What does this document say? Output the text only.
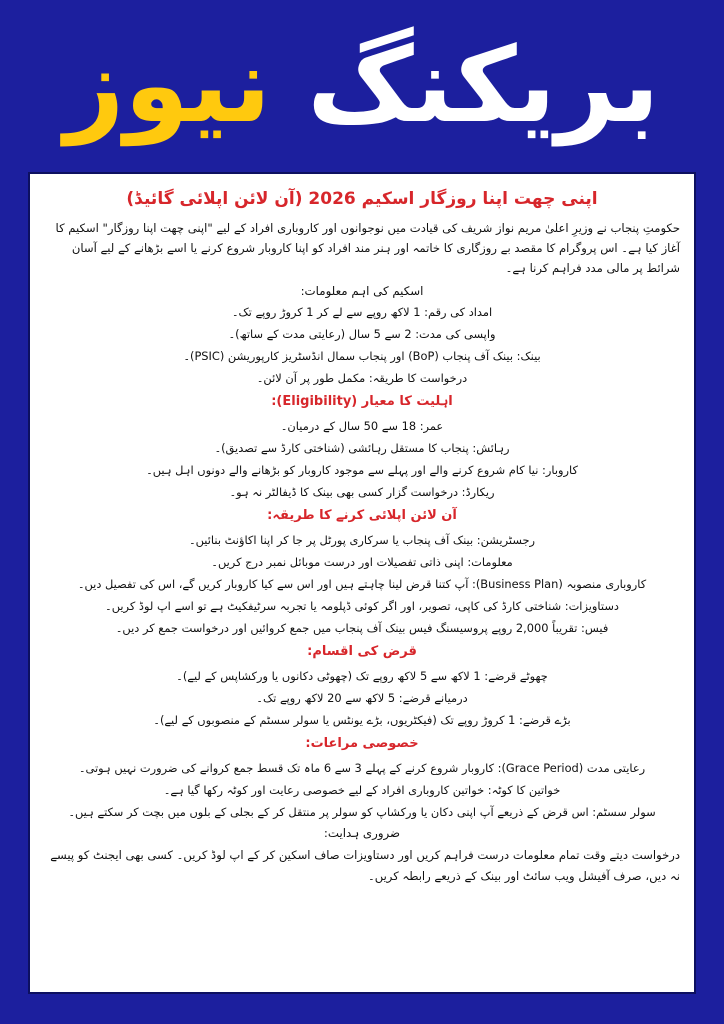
بریکنگ نیوز
اپنی چھت اپنا روزگار اسکیم 2026 (آن لائن اپلائی گائیڈ)

حکومتِ پنجاب نے وزیرِ اعلیٰ مریم نواز شریف کی قیادت میں نوجوانوں اور کاروباری افراد کے لیے "اپنی چھت اپنا روزگار" اسکیم کا آغاز کیا ہے۔ اس پروگرام کا مقصد بے روزگاری کا خاتمہ اور ہنر مند افراد کو اپنا کاروبار شروع کرنے یا اسے بڑھانے کے لیے آسان شرائط پر مالی مدد فراہم کرنا ہے۔

اسکیم کی اہم معلومات:

امداد کی رقم: 1 لاکھ روپے سے لے کر 1 کروڑ روپے تک۔

واپسی کی مدت: 2 سے 5 سال (رعایتی مدت کے ساتھ)۔

بینک: بینک آف پنجاب (BoP) اور پنجاب سمال انڈسٹریز کارپوریشن (PSIC)۔

درخواست کا طریقہ: مکمل طور پر آن لائن۔

اہلیت کا معیار (Eligibility):

عمر: 18 سے 50 سال کے درمیان۔

رہائش: پنجاب کا مستقل رہائشی (شناختی کارڈ سے تصدیق)۔

کاروبار: نیا کام شروع کرنے والے اور پہلے سے موجود کاروبار کو بڑھانے والے دونوں اہل ہیں۔

ریکارڈ: درخواست گزار کسی بھی بینک کا ڈیفالٹر نہ ہو۔

آن لائن اپلائی کرنے کا طریقہ:

رجسٹریشن: بینک آف پنجاب یا سرکاری پورٹل پر جا کر اپنا اکاؤنٹ بنائیں۔

معلومات: اپنی ذاتی تفصیلات اور درست موبائل نمبر درج کریں۔

کاروباری منصوبہ (Business Plan): آپ کتنا قرض لینا چاہتے ہیں اور اس سے کیا کاروبار کریں گے، اس کی تفصیل دیں۔

دستاویزات: شناختی کارڈ کی کاپی، تصویر، اور اگر کوئی ڈپلومہ یا تجربہ سرٹیفکیٹ ہے تو اسے اپ لوڈ کریں۔

فیس: تقریباً 2,000 روپے پروسیسنگ فیس بینک آف پنجاب میں جمع کروائیں اور درخواست جمع کر دیں۔

قرض کی اقسام:

چھوٹے قرضے: 1 لاکھ سے 5 لاکھ روپے تک (چھوٹی دکانوں یا ورکشاپس کے لیے)۔

درمیانے قرضے: 5 لاکھ سے 20 لاکھ روپے تک۔

بڑے قرضے: 1 کروڑ روپے تک (فیکٹریوں، بڑے یونٹس یا سولر سسٹم کے منصوبوں کے لیے)۔

خصوصی مراعات:

رعایتی مدت (Grace Period): کاروبار شروع کرنے کے پہلے 3 سے 6 ماہ تک قسط جمع کروانے کی ضرورت نہیں ہوتی۔

خواتین کا کوٹہ: خواتین کاروباری افراد کے لیے خصوصی رعایت اور کوٹہ رکھا گیا ہے۔

سولر سسٹم: اس قرض کے ذریعے آپ اپنی دکان یا ورکشاپ کو سولر پر منتقل کر کے بجلی کے بلوں میں بچت کر سکتے ہیں۔

ضروری ہدایت:

درخواست دیتے وقت تمام معلومات درست فراہم کریں اور دستاویزات صاف اسکین کر کے اپ لوڈ کریں۔ کسی بھی ایجنٹ کو پیسے نہ دیں، صرف آفیشل ویب سائٹ اور بینک کے ذریعے رابطہ کریں۔
